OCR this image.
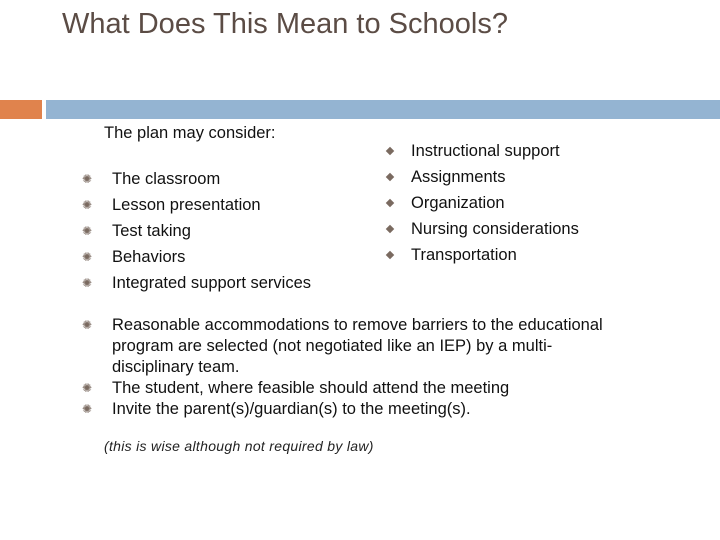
What Does This Mean to Schools?
The plan may consider:
✺ The classroom
✺ Lesson presentation
✺ Test taking
✺ Behaviors
✺ Integrated support services
Instructional support
Assignments
Organization
Nursing considerations
Transportation
✺ Reasonable accommodations to remove barriers to the educational program are selected (not negotiated like an IEP) by a multi-disciplinary team.
✺ The student, where feasible should attend the meeting
✺ Invite the parent(s)/guardian(s) to the meeting(s).
(this is wise although not required by law)
